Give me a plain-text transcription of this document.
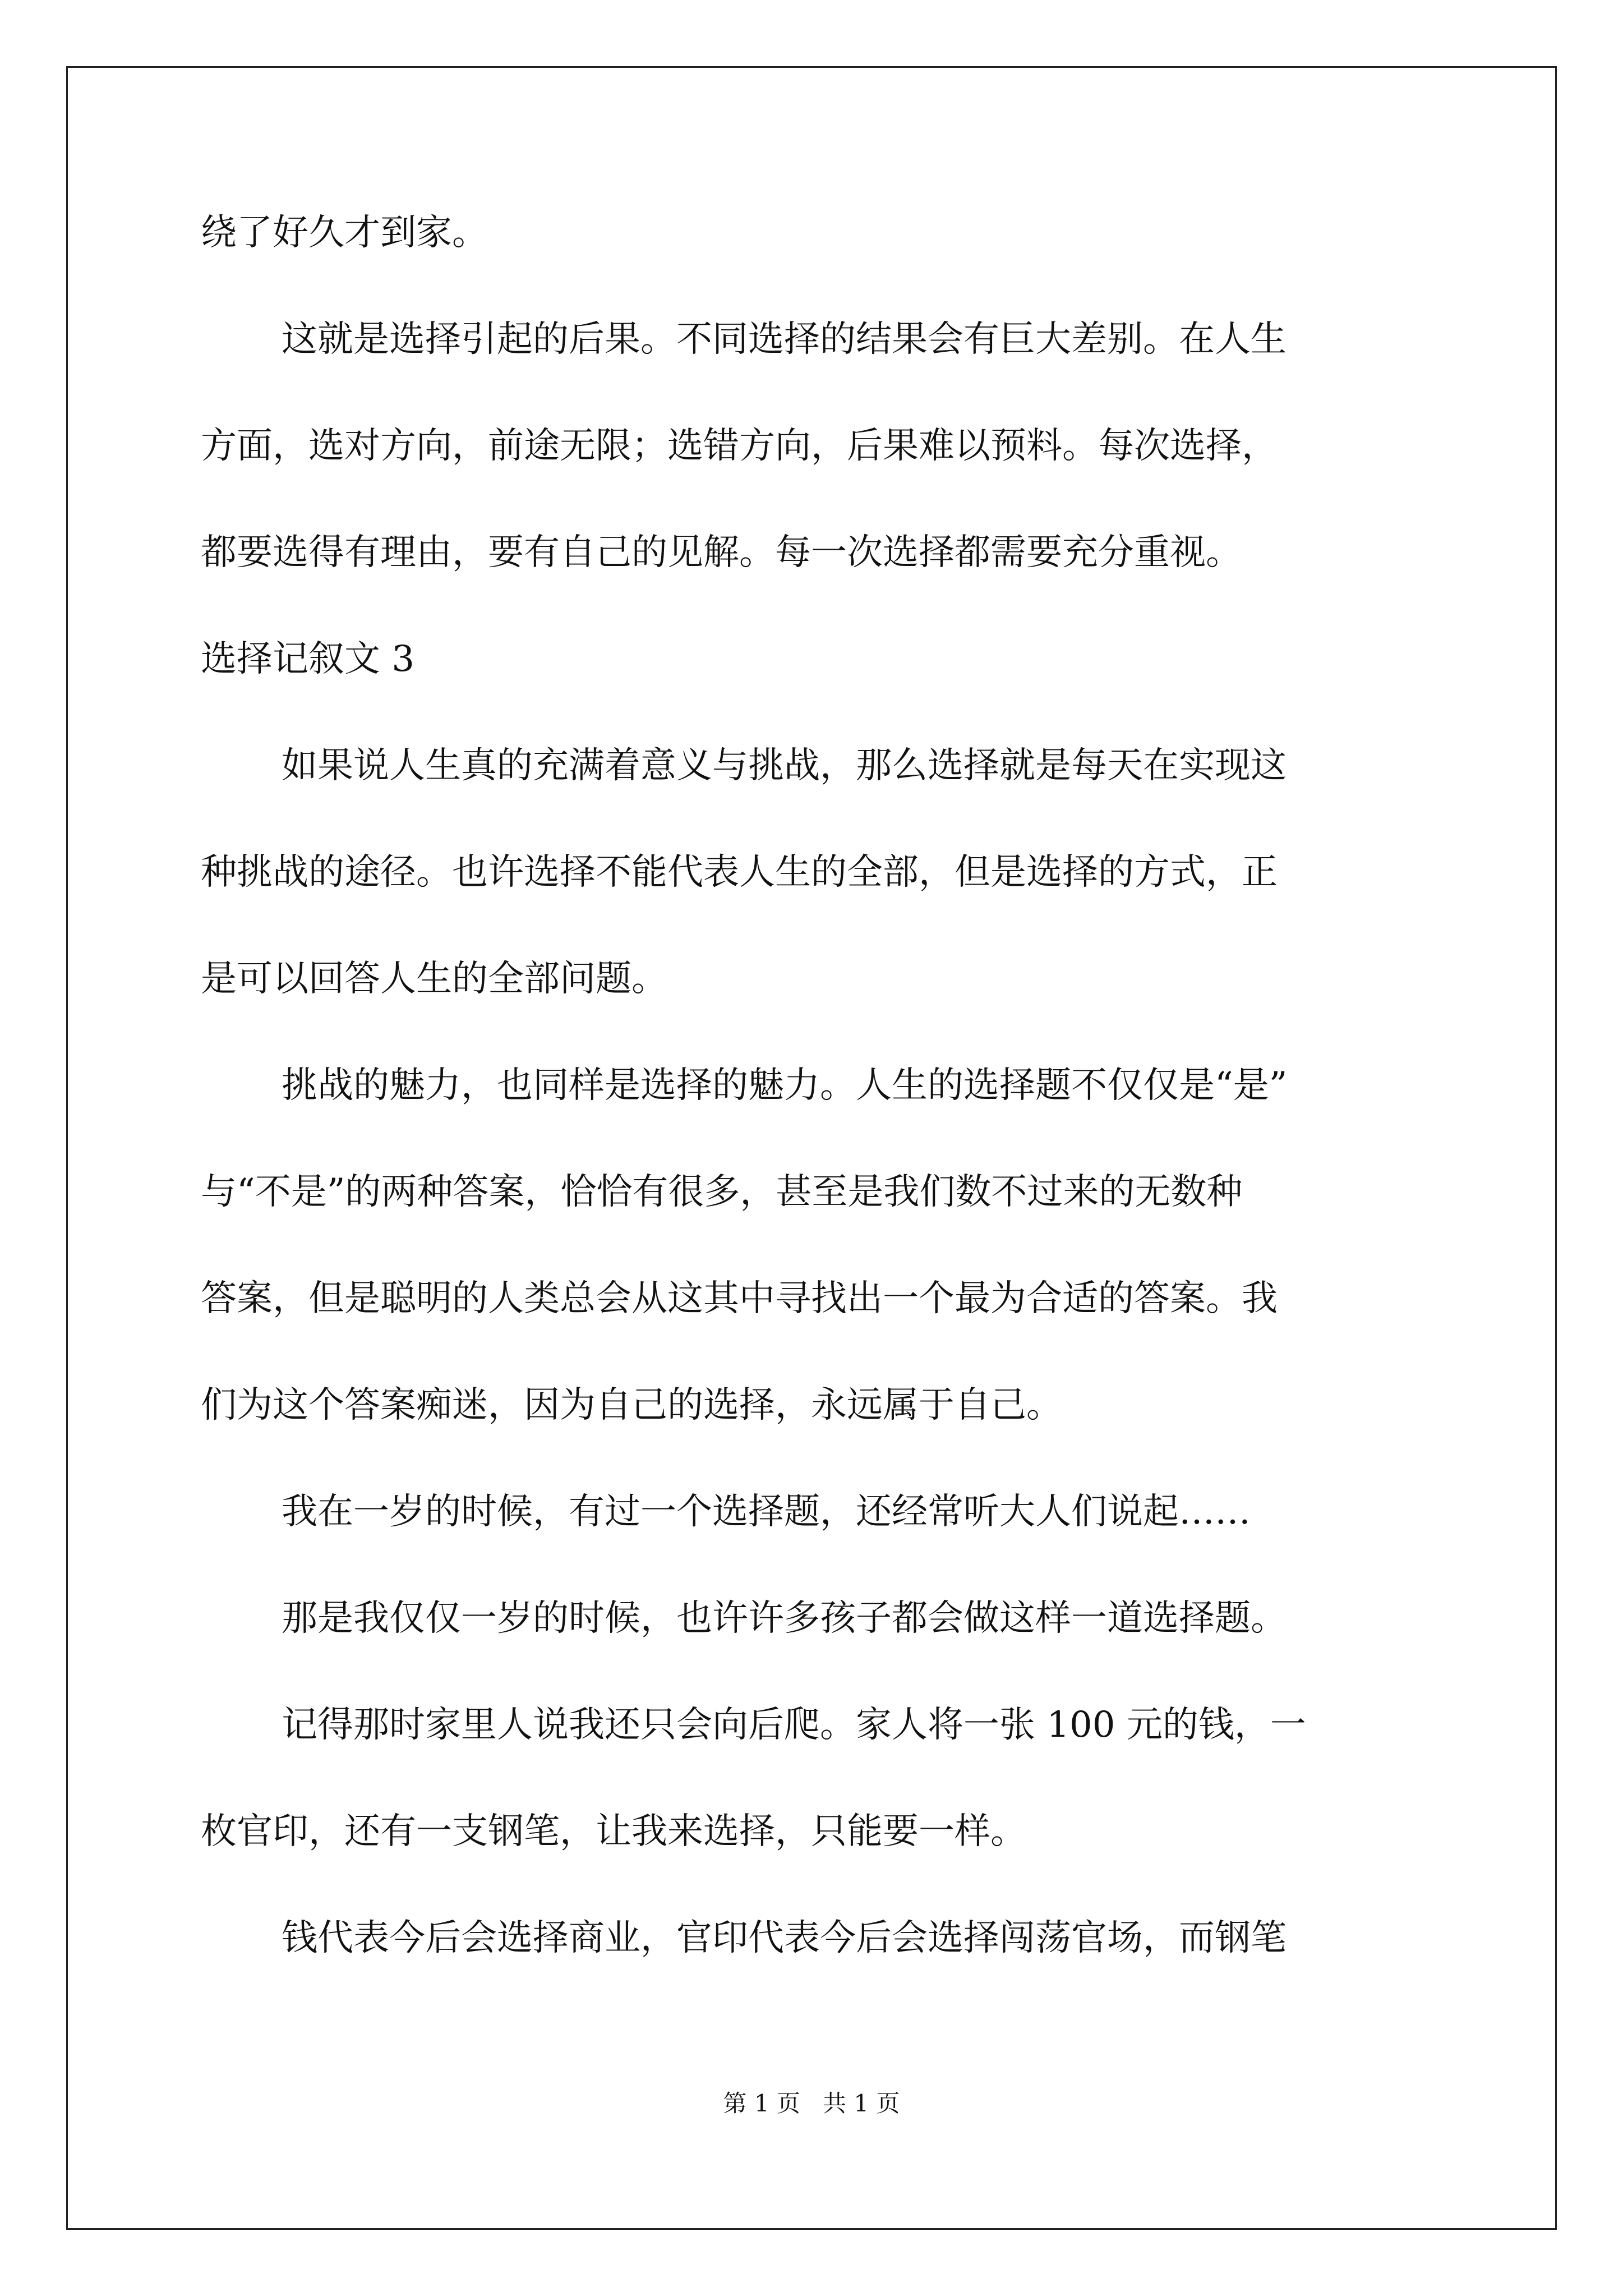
绕了好久才到家。
这就是选择引起的后果。不同选择的结果会有巨大差别。在人生
方面，选对方向，前途无限；选错方向，后果难以预料。每次选择，
都要选得有理由，要有自己的见解。每一次选择都需要充分重视。
选择记叙文 3
如果说人生真的充满着意义与挑战，那么选择就是每天在实现这
种挑战的途径。也许选择不能代表人生的全部，但是选择的方式，正
是可以回答人生的全部问题。
挑战的魅力，也同样是选择的魅力。人生的选择题不仅仅是“是”
与“不是”的两种答案，恰恰有很多，甚至是我们数不过来的无数种
答案，但是聪明的人类总会从这其中寻找出一个最为合适的答案。我
们为这个答案痴迷，因为自己的选择，永远属于自己。
我在一岁的时候，有过一个选择题，还经常听大人们说起……
那是我仅仅一岁的时候，也许许多孩子都会做这样一道选择题。
记得那时家里人说我还只会向后爬。家人将一张 100 元的钱，一
枚官印，还有一支钢笔，让我来选择，只能要一样。
钱代表今后会选择商业，官印代表今后会选择闯荡官场，而钢笔
第 1 页   共 1 页
